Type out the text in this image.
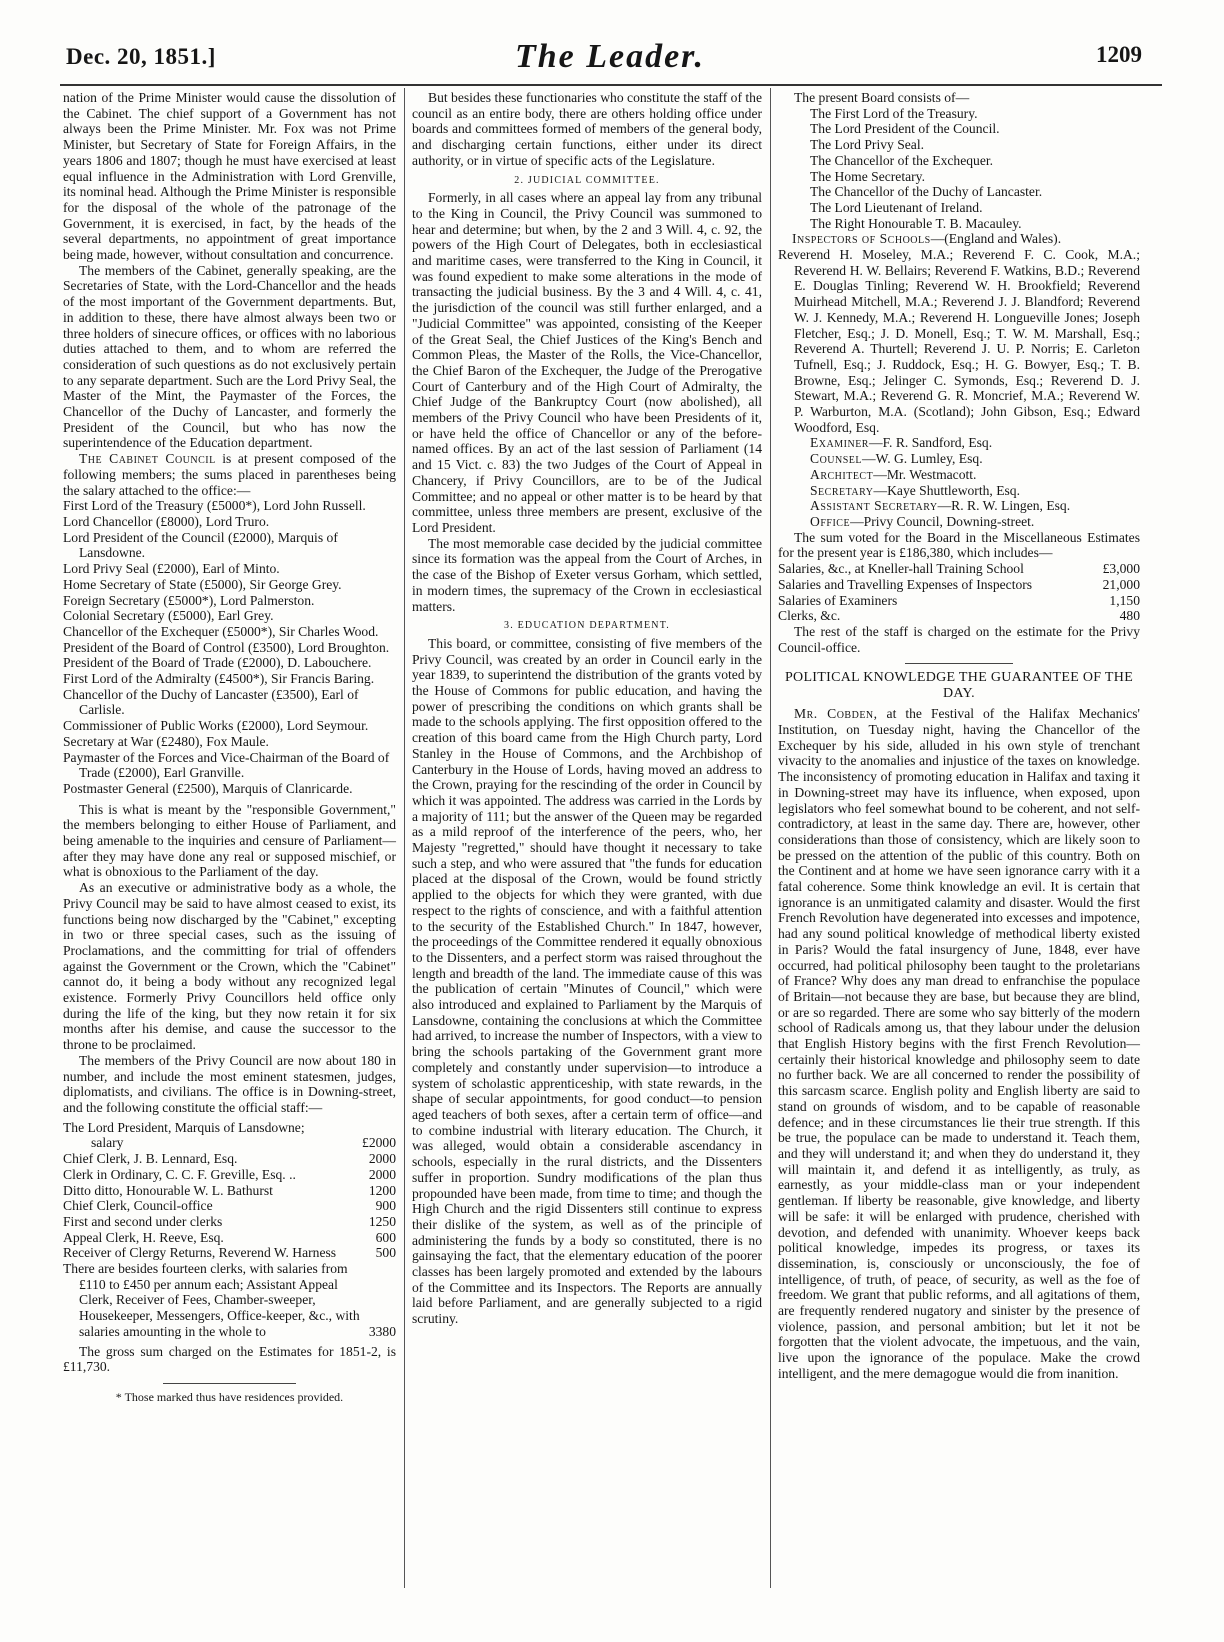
Dec. 20, 1851.]	The Leader.	1209

nation of the Prime Minister would cause the dissolution of the Cabinet. The chief support of a Government has not always been the Prime Minister. Mr. Fox was not Prime Minister, but Secretary of State for Foreign Affairs, in the years 1806 and 1807; though he must have exercised at least equal influence in the Administration with Lord Grenville, its nominal head. Although the Prime Minister is responsible for the disposal of the whole of the patronage of the Government, it is exercised, in fact, by the heads of the several departments, no appointment of great importance being made, however, without consultation and concurrence.

The members of the Cabinet, generally speaking, are the Secretaries of State, with the Lord-Chancellor and the heads of the most important of the Government departments. But, in addition to these, there have almost always been two or three holders of sinecure offices, or offices with no laborious duties attached to them, and to whom are referred the consideration of such questions as do not exclusively pertain to any separate department. Such are the Lord Privy Seal, the Master of the Mint, the Paymaster of the Forces, the Chancellor of the Duchy of Lancaster, and formerly the President of the Council, but who has now the superintendence of the Education department.

The Cabinet Council is at present composed of the following members; the sums placed in parentheses being the salary attached to the office:—

First Lord of the Treasury (£5000*), Lord John Russell.
Lord Chancellor (£8000), Lord Truro.
Lord President of the Council (£2000), Marquis of Lansdowne.
Lord Privy Seal (£2000), Earl of Minto.
Home Secretary of State (£5000), Sir George Grey.
Foreign Secretary (£5000*), Lord Palmerston.
Colonial Secretary (£5000), Earl Grey.
Chancellor of the Exchequer (£5000*), Sir Charles Wood.
President of the Board of Control (£3500), Lord Broughton.
President of the Board of Trade (£2000), D. Labouchere.
First Lord of the Admiralty (£4500*), Sir Francis Baring.
Chancellor of the Duchy of Lancaster (£3500), Earl of Carlisle.
Commissioner of Public Works (£2000), Lord Seymour.
Secretary at War (£2480), Fox Maule.
Paymaster of the Forces and Vice-Chairman of the Board of Trade (£2000), Earl Granville.
Postmaster General (£2500), Marquis of Clanricarde.

This is what is meant by the "responsible Government," the members belonging to either House of Parliament, and being amenable to the inquiries and censure of Parliament—after they may have done any real or supposed mischief, or what is obnoxious to the Parliament of the day.

As an executive or administrative body as a whole, the Privy Council may be said to have almost ceased to exist, its functions being now discharged by the "Cabinet," excepting in two or three special cases, such as the issuing of Proclamations, and the committing for trial of offenders against the Government or the Crown, which the "Cabinet" cannot do, it being a body without any recognized legal existence. Formerly Privy Councillors held office only during the life of the king, but they now retain it for six months after his demise, and cause the successor to the throne to be proclaimed.

The members of the Privy Council are now about 180 in number, and include the most eminent statesmen, judges, diplomatists, and civilians. The office is in Downing-street, and the following constitute the official staff:—

The Lord President, Marquis of Lansdowne;
salary	£2000
Chief Clerk, J. B. Lennard, Esq.	2000
Clerk in Ordinary, C. C. F. Greville, Esq. ..	2000
Ditto ditto, Honourable W. L. Bathurst	1200
Chief Clerk, Council-office	900
First and second under clerks	1250
Appeal Clerk, H. Reeve, Esq.	600
Receiver of Clergy Returns, Reverend W. Harness	500
There are besides fourteen clerks, with salaries from £110 to £450 per annum each; Assistant Appeal Clerk, Receiver of Fees, Chamber-sweeper, Housekeeper, Messengers, Office-keeper, &c., with salaries amounting in the whole to	3380

The gross sum charged on the Estimates for 1851-2, is £11,730.

* Those marked thus have residences provided.

But besides these functionaries who constitute the staff of the council as an entire body, there are others holding office under boards and committees formed of members of the general body, and discharging certain functions, either under its direct authority, or in virtue of specific acts of the Legislature.

2. JUDICIAL COMMITTEE.

Formerly, in all cases where an appeal lay from any tribunal to the King in Council, the Privy Council was summoned to hear and determine; but when, by the 2 and 3 Will. 4, c. 92, the powers of the High Court of Delegates, both in ecclesiastical and maritime cases, were transferred to the King in Council, it was found expedient to make some alterations in the mode of transacting the judicial business. By the 3 and 4 Will. 4, c. 41, the jurisdiction of the council was still further enlarged, and a "Judicial Committee" was appointed, consisting of the Keeper of the Great Seal, the Chief Justices of the King's Bench and Common Pleas, the Master of the Rolls, the Vice-Chancellor, the Chief Baron of the Exchequer, the Judge of the Prerogative Court of Canterbury and of the High Court of Admiralty, the Chief Judge of the Bankruptcy Court (now abolished), all members of the Privy Council who have been Presidents of it, or have held the office of Chancellor or any of the before-named offices. By an act of the last session of Parliament (14 and 15 Vict. c. 83) the two Judges of the Court of Appeal in Chancery, if Privy Councillors, are to be of the Judical Committee; and no appeal or other matter is to be heard by that committee, unless three members are present, exclusive of the Lord President.

The most memorable case decided by the judicial committee since its formation was the appeal from the Court of Arches, in the case of the Bishop of Exeter versus Gorham, which settled, in modern times, the supremacy of the Crown in ecclesiastical matters.

3. EDUCATION DEPARTMENT.

This board, or committee, consisting of five members of the Privy Council, was created by an order in Council early in the year 1839, to superintend the distribution of the grants voted by the House of Commons for public education, and having the power of prescribing the conditions on which grants shall be made to the schools applying. The first opposition offered to the creation of this board came from the High Church party, Lord Stanley in the House of Commons, and the Archbishop of Canterbury in the House of Lords, having moved an address to the Crown, praying for the rescinding of the order in Council by which it was appointed. The address was carried in the Lords by a majority of 111; but the answer of the Queen may be regarded as a mild reproof of the interference of the peers, who, her Majesty "regretted," should have thought it necessary to take such a step, and who were assured that "the funds for education placed at the disposal of the Crown, would be found strictly applied to the objects for which they were granted, with due respect to the rights of conscience, and with a faithful attention to the security of the Established Church." In 1847, however, the proceedings of the Committee rendered it equally obnoxious to the Dissenters, and a perfect storm was raised throughout the length and breadth of the land. The immediate cause of this was the publication of certain "Minutes of Council," which were also introduced and explained to Parliament by the Marquis of Lansdowne, containing the conclusions at which the Committee had arrived, to increase the number of Inspectors, with a view to bring the schools partaking of the Government grant more completely and constantly under supervision—to introduce a system of scholastic apprenticeship, with state rewards, in the shape of secular appointments, for good conduct—to pension aged teachers of both sexes, after a certain term of office—and to combine industrial with literary education. The Church, it was alleged, would obtain a considerable ascendancy in schools, especially in the rural districts, and the Dissenters suffer in proportion. Sundry modifications of the plan thus propounded have been made, from time to time; and though the High Church and the rigid Dissenters still continue to express their dislike of the system, as well as of the principle of administering the funds by a body so constituted, there is no gainsaying the fact, that the elementary education of the poorer classes has been largely promoted and extended by the labours of the Committee and its Inspectors. The Reports are annually laid before Parliament, and are generally subjected to a rigid scrutiny.

The present Board consists of—

The First Lord of the Treasury.
The Lord President of the Council.
The Lord Privy Seal.
The Chancellor of the Exchequer.
The Home Secretary.
The Chancellor of the Duchy of Lancaster.
The Lord Lieutenant of Ireland.
The Right Honourable T. B. Macauley.
Inspectors of Schools—(England and Wales).
Reverend H. Moseley, M.A.; Reverend F. C. Cook, M.A.; Reverend H. W. Bellairs; Reverend F. Watkins, B.D.; Reverend E. Douglas Tinling; Reverend W. H. Brookfield; Reverend Muirhead Mitchell, M.A.; Reverend J. J. Blandford; Reverend W. J. Kennedy, M.A.; Reverend H. Longueville Jones; Joseph Fletcher, Esq.; J. D. Monell, Esq.; T. W. M. Marshall, Esq.; Reverend A. Thurtell; Reverend J. U. P. Norris; E. Carleton Tufnell, Esq.; J. Ruddock, Esq.; H. G. Bowyer, Esq.; T. B. Browne, Esq.; Jelinger C. Symonds, Esq.; Reverend D. J. Stewart, M.A.; Reverend G. R. Moncrief, M.A.; Reverend W. P. Warburton, M.A. (Scotland); John Gibson, Esq.; Edward Woodford, Esq.
Examiner—F. R. Sandford, Esq.
Counsel—W. G. Lumley, Esq.
Architect—Mr. Westmacott.
Secretary—Kaye Shuttleworth, Esq.
Assistant Secretary—R. R. W. Lingen, Esq.
Office—Privy Council, Downing-street.

The sum voted for the Board in the Miscellaneous Estimates for the present year is £186,380, which includes—

Salaries, &c., at Kneller-hall Training School	£3,000
Salaries and Travelling Expenses of Inspectors	21,000
Salaries of Examiners	1,150
Clerks, &c.	480

The rest of the staff is charged on the estimate for the Privy Council-office.

POLITICAL KNOWLEDGE THE GUARANTEE OF THE DAY.

Mr. Cobden, at the Festival of the Halifax Mechanics' Institution, on Tuesday night, having the Chancellor of the Exchequer by his side, alluded in his own style of trenchant vivacity to the anomalies and injustice of the taxes on knowledge. The inconsistency of promoting education in Halifax and taxing it in Downing-street may have its influence, when exposed, upon legislators who feel somewhat bound to be coherent, and not self-contradictory, at least in the same day. There are, however, other considerations than those of consistency, which are likely soon to be pressed on the attention of the public of this country. Both on the Continent and at home we have seen ignorance carry with it a fatal coherence. Some think knowledge an evil. It is certain that ignorance is an unmitigated calamity and disaster. Would the first French Revolution have degenerated into excesses and impotence, had any sound political knowledge of methodical liberty existed in Paris? Would the fatal insurgency of June, 1848, ever have occurred, had political philosophy been taught to the proletarians of France? Why does any man dread to enfranchise the populace of Britain—not because they are base, but because they are blind, or are so regarded. There are some who say bitterly of the modern school of Radicals among us, that they labour under the delusion that English History begins with the first French Revolution—certainly their historical knowledge and philosophy seem to date no further back. We are all concerned to render the possibility of this sarcasm scarce. English polity and English liberty are said to stand on grounds of wisdom, and to be capable of reasonable defence; and in these circumstances lie their true strength. If this be true, the populace can be made to understand it. Teach them, and they will understand it; and when they do understand it, they will maintain it, and defend it as intelligently, as truly, as earnestly, as your middle-class man or your independent gentleman. If liberty be reasonable, give knowledge, and liberty will be safe: it will be enlarged with prudence, cherished with devotion, and defended with unanimity. Whoever keeps back political knowledge, impedes its progress, or taxes its dissemination, is, consciously or unconsciously, the foe of intelligence, of truth, of peace, of security, as well as the foe of freedom. We grant that public reforms, and all agitations of them, are frequently rendered nugatory and sinister by the presence of violence, passion, and personal ambition; but let it not be forgotten that the violent advocate, the impetuous, and the vain, live upon the ignorance of the populace. Make the crowd intelligent, and the mere demagogue would die from inanition.
